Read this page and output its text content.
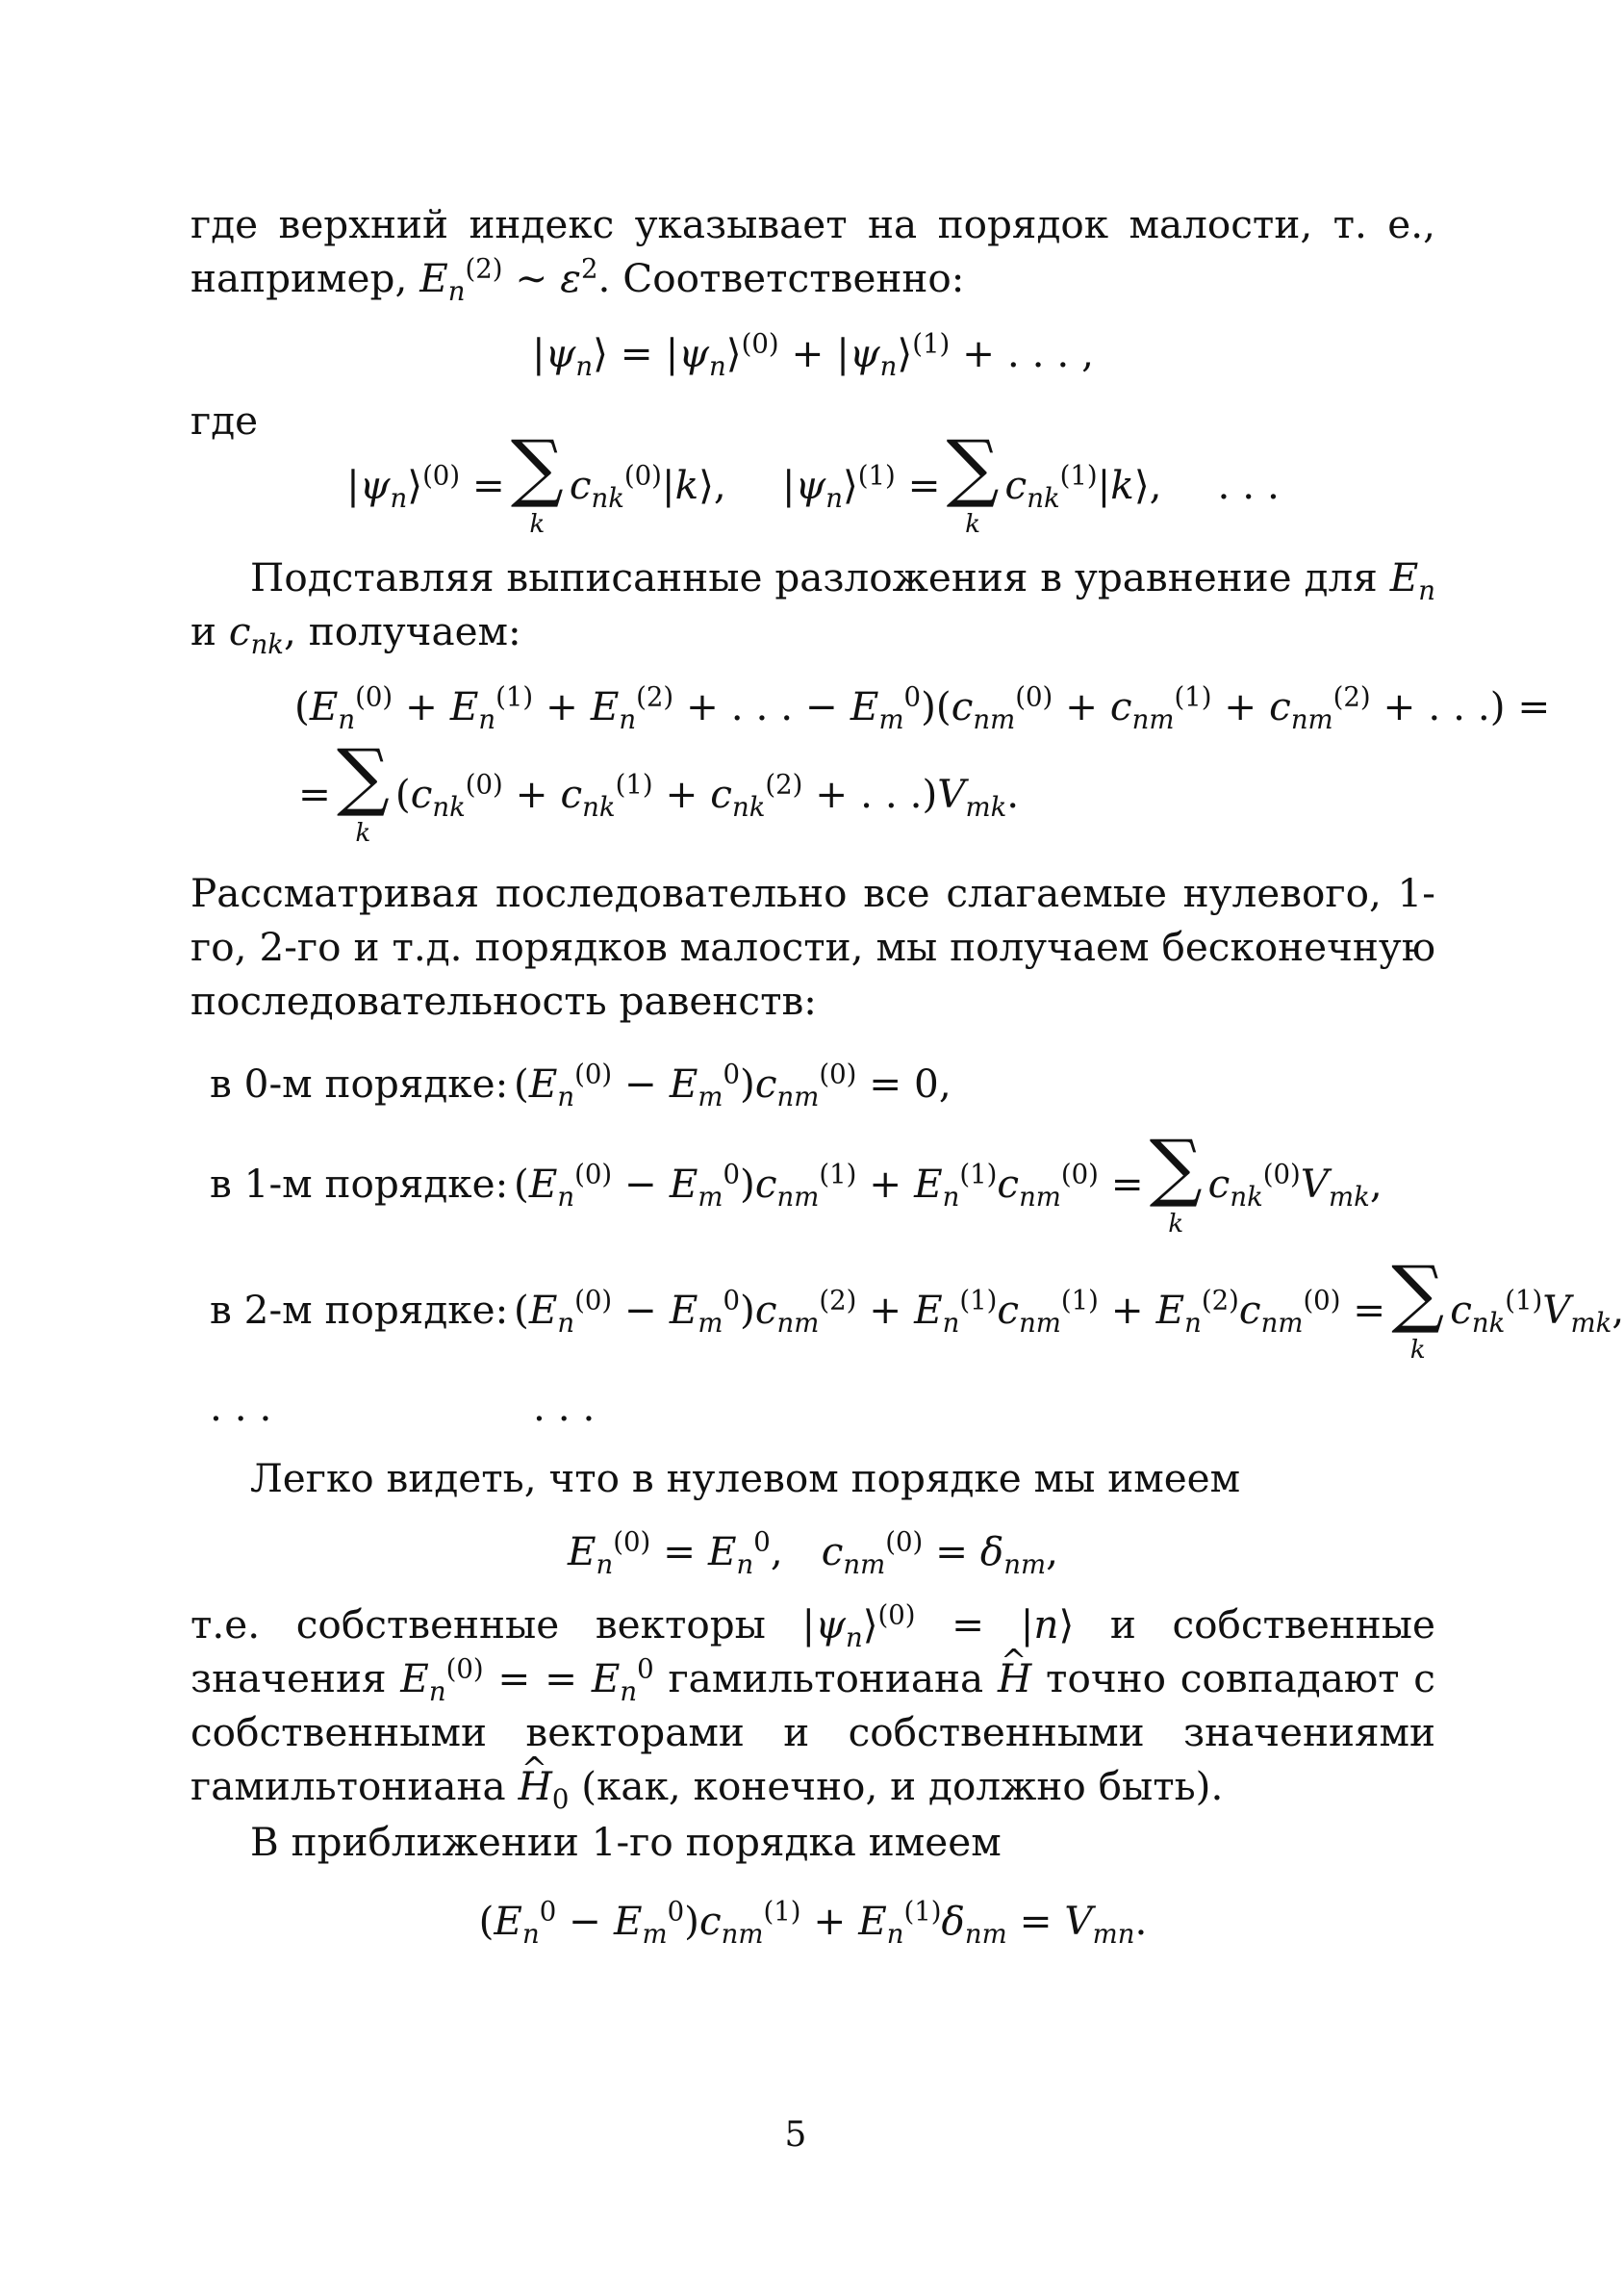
где верхний индекс указывает на порядок малости, т. е., например, $E_n^{(2)}$ ∼ $\varepsilon^2$. Соответственно:

$|\psi_n⟩$ = $|\psi_n⟩^{(0)}$ + $|\psi_n⟩^{(1)}$ + . . . ,

где

$|\psi_n⟩^{(0)}$ = ∑
k
$c_{nk}^{(0)}|k⟩$, $|\psi_n⟩^{(1)}$ = ∑
k
$c_{nk}^{(1)}|k⟩$, . . .

Подставляя выписанные разложения в уравнение для $E_n$ и $c_{nk}$, получаем:

($E_n^{(0)} + E_n^{(1)} + E_n^{(2)}$ + . . . − $E_m^0)(c_{nm}^{(0)} + c_{nm}^{(1)} + c_{nm}^{(2)}$ + . . .) =
= ∑
k
($c_{nk}^{(0)} + c_{nk}^{(1)} + c_{nk}^{(2)}$ + . . $.)V_{mk}$.

Рассматривая последовательно все слагаемые нулевого, 1-го, 2-го и т.д. порядков малости, мы получаем бесконечную последовательность равенств:

в 0-м порядке: $(E_n^{(0)} - E_m^0)c_{nm}^{(0)} = 0$,
в 1-м порядке: $(E_n^{(0)} - E_m^0)c_{nm}^{(1)} + E_n^{(1)}c_{nm}^{(0)}$ = ∑
k
$c_{nk}^{(0)}V_{mk}$,
в 2-м порядке: $(E_n^{(0)} - E_m^0)c_{nm}^{(2)} + E_n^{(1)}c_{nm}^{(1)} + E_n^{(2)}c_{nm}^{(0)}$ = ∑
k
$c_{nk}^{(1)}V_{mk}$,
. . .	. . .

Легко видеть, что в нулевом порядке мы имеем

$E_n^{(0)} = E_n^0$, $c_{nm}^{(0)} = \delta_{nm}$,

т.е. собственные векторы $|\psi_n⟩^{(0)}$ = |n⟩ и собственные значения $E_n^{(0)}$ = = $E_n^0$ гамильтониана ^ H точно совпадают с собственными векторами и собственными значениями гамильтониана ^ $H_0$ (как, конечно, и должно быть).

В приближении 1-го порядка имеем

$(E_n^0 - E_m^0)c_{nm}^{(1)} + E_n^{(1)}\delta_{nm} = V_{mn}$.
5
